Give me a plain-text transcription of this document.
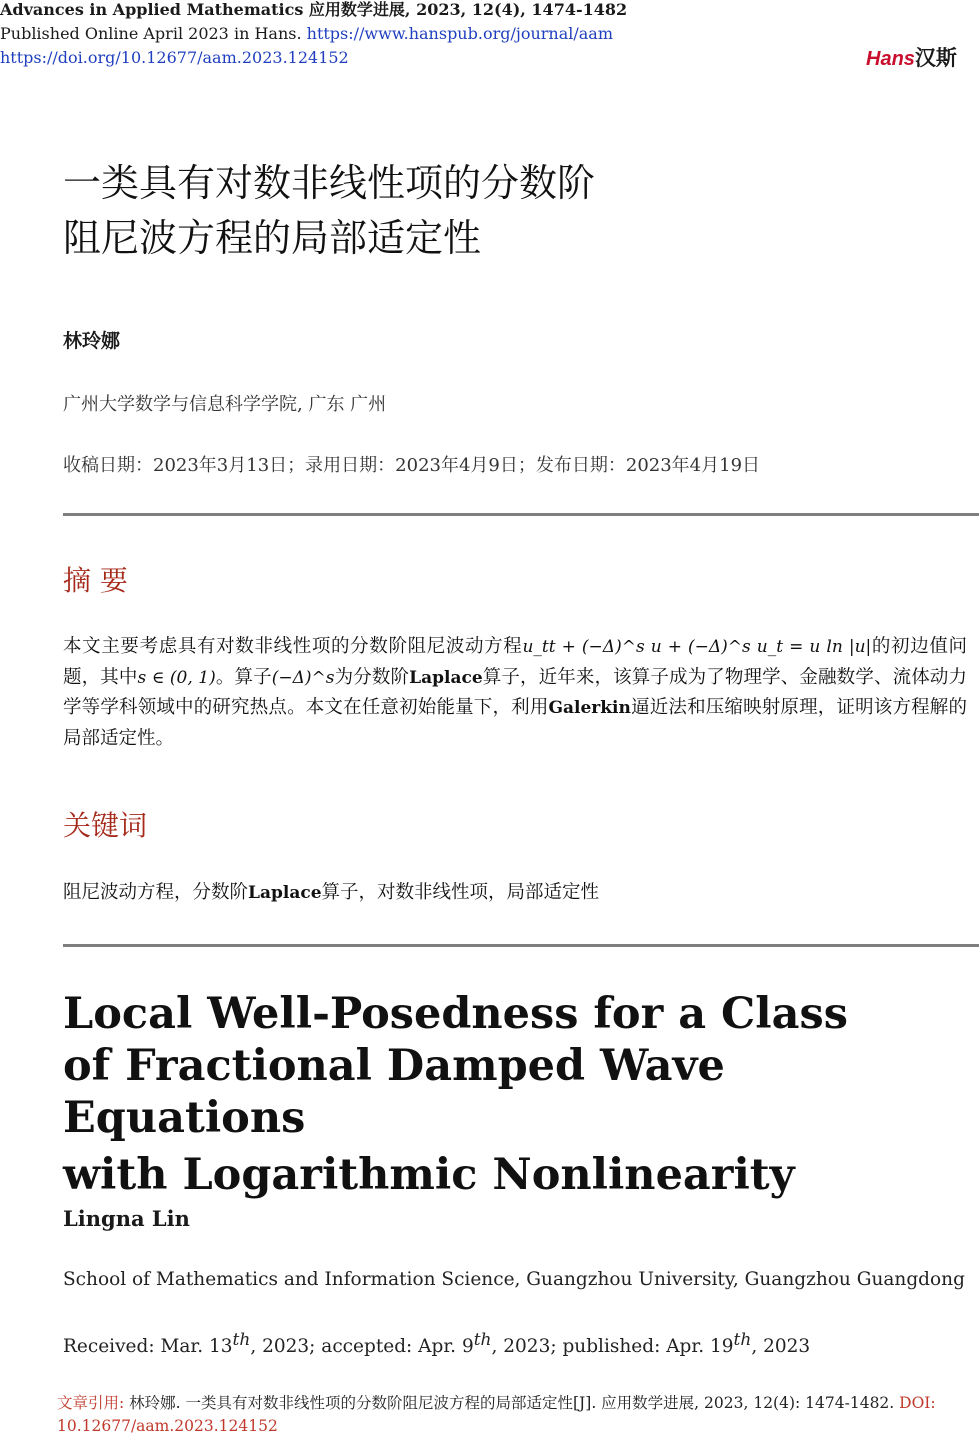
Advances in Applied Mathematics 应用数学进展, 2023, 12(4), 1474-1482
Published Online April 2023 in Hans. https://www.hanspub.org/journal/aam
https://doi.org/10.12677/aam.2023.124152	Hans汉斯
一类具有对数非线性项的分数阶
阻尼波方程的局部适定性
林玲娜
广州大学数学与信息科学学院, 广东 广州
收稿日期：2023年3月13日；录用日期：2023年4月9日；发布日期：2023年4月19日
摘 要
本文主要考虑具有对数非线性项的分数阶阻尼波动方程u_tt + (−Δ)^s u + (−Δ)^s u_t = u ln |u|的初边值问题，其中s ∈ (0, 1)。算子(−Δ)^s为分数阶Laplace算子，近年来，该算子成为了物理学、金融数学、流体动力学等学科领域中的研究热点。本文在任意初始能量下，利用Galerkin逼近法和压缩映射原理，证明该方程解的局部适定性。
关键词
阻尼波动方程，分数阶Laplace算子，对数非线性项，局部适定性
Local Well-Posedness for a Class
of Fractional Damped Wave Equations
with Logarithmic Nonlinearity
Lingna Lin
School of Mathematics and Information Science, Guangzhou University, Guangzhou Guangdong
Received: Mar. 13th, 2023; accepted: Apr. 9th, 2023; published: Apr. 19th, 2023
文章引用: 林玲娜. 一类具有对数非线性项的分数阶阻尼波方程的局部适定性[J]. 应用数学进展, 2023, 12(4): 1474-1482. DOI: 10.12677/aam.2023.124152
